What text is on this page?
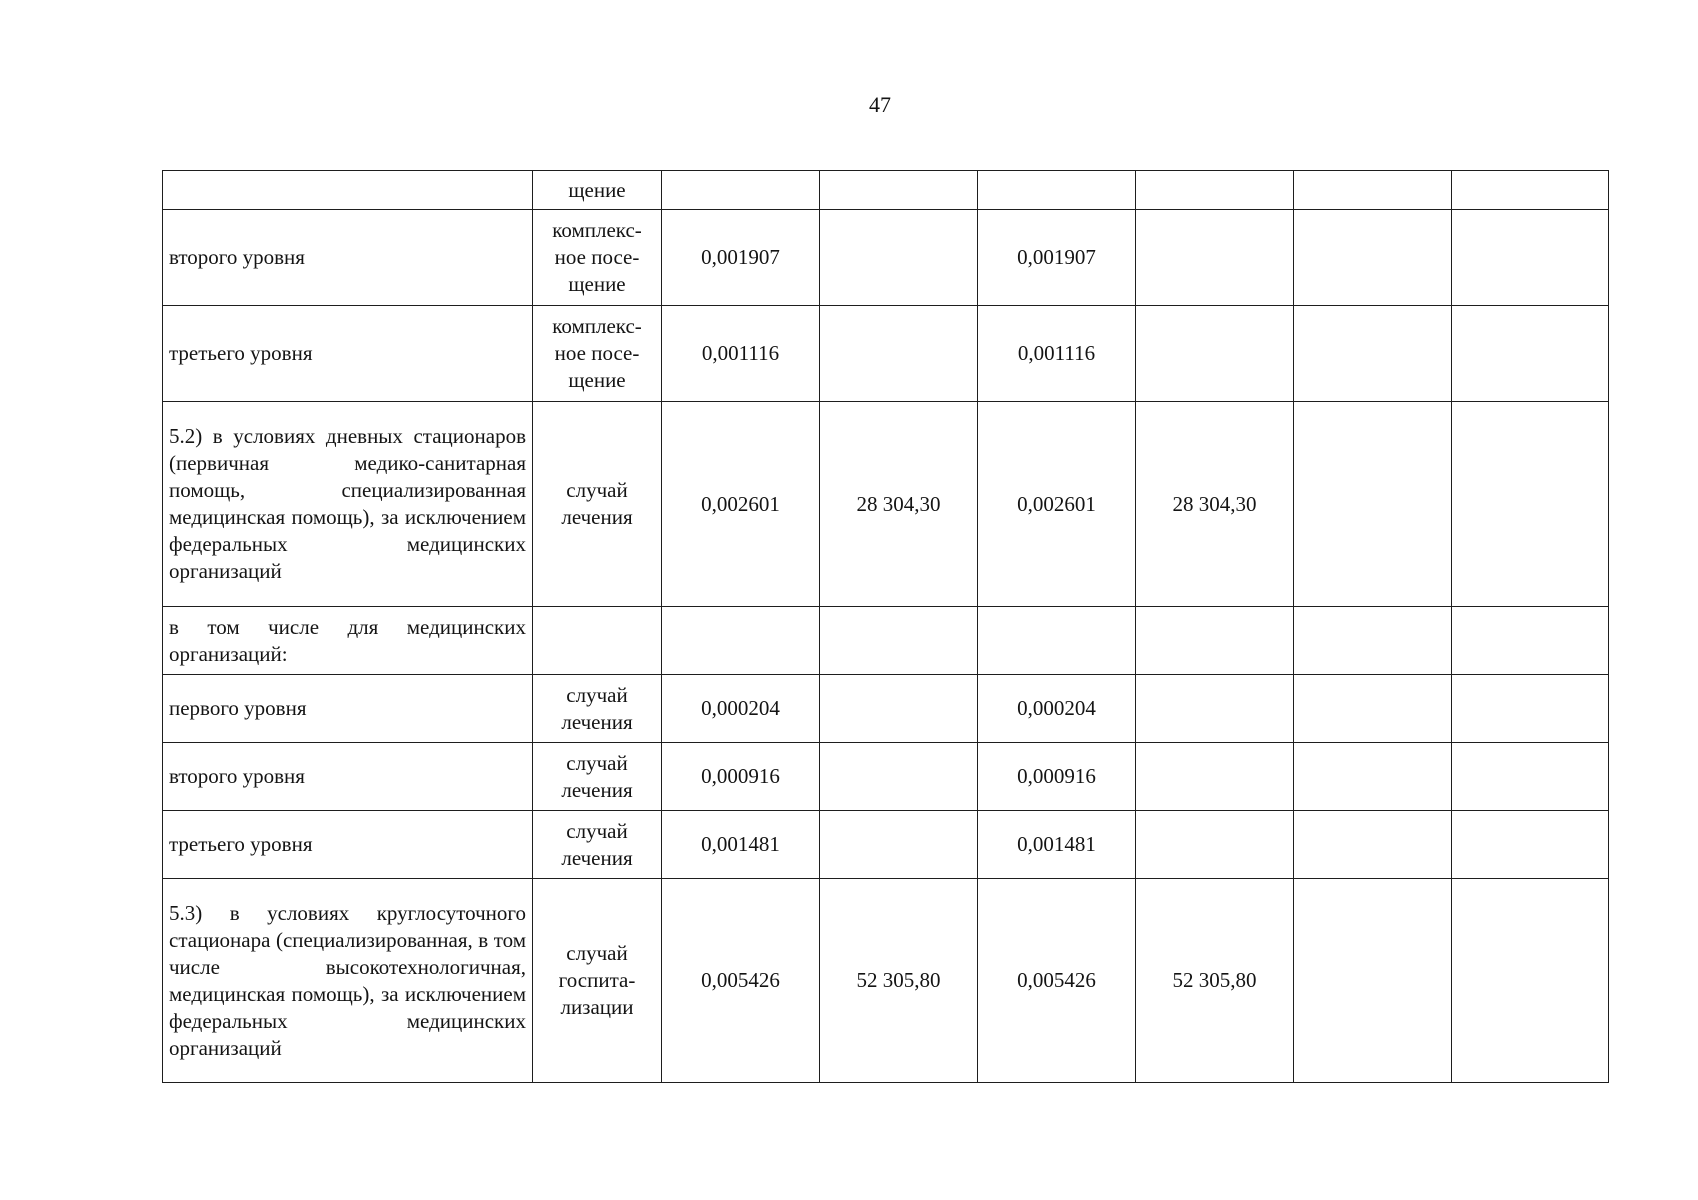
47
	щение						
второго уровня	комплекс-ное посе-щение	0,001907		0,001907			
третьего уровня	комплекс-ное посе-щение	0,001116		0,001116			
5.2) в условиях дневных стационаров (первичная медико-санитарная помощь, специализированная медицинская помощь), за исключением федеральных медицинских организаций	случай лечения	0,002601	28 304,30	0,002601	28 304,30		
в том числе для медицинских организаций:							
первого уровня	случай лечения	0,000204		0,000204			
второго уровня	случай лечения	0,000916		0,000916			
третьего уровня	случай лечения	0,001481		0,001481			
5.3) в условиях круглосуточного стационара (специализированная, в том числе высокотехнологичная, медицинская помощь), за исключением федеральных медицинских организаций	случай госпита-лизации	0,005426	52 305,80	0,005426	52 305,80		
